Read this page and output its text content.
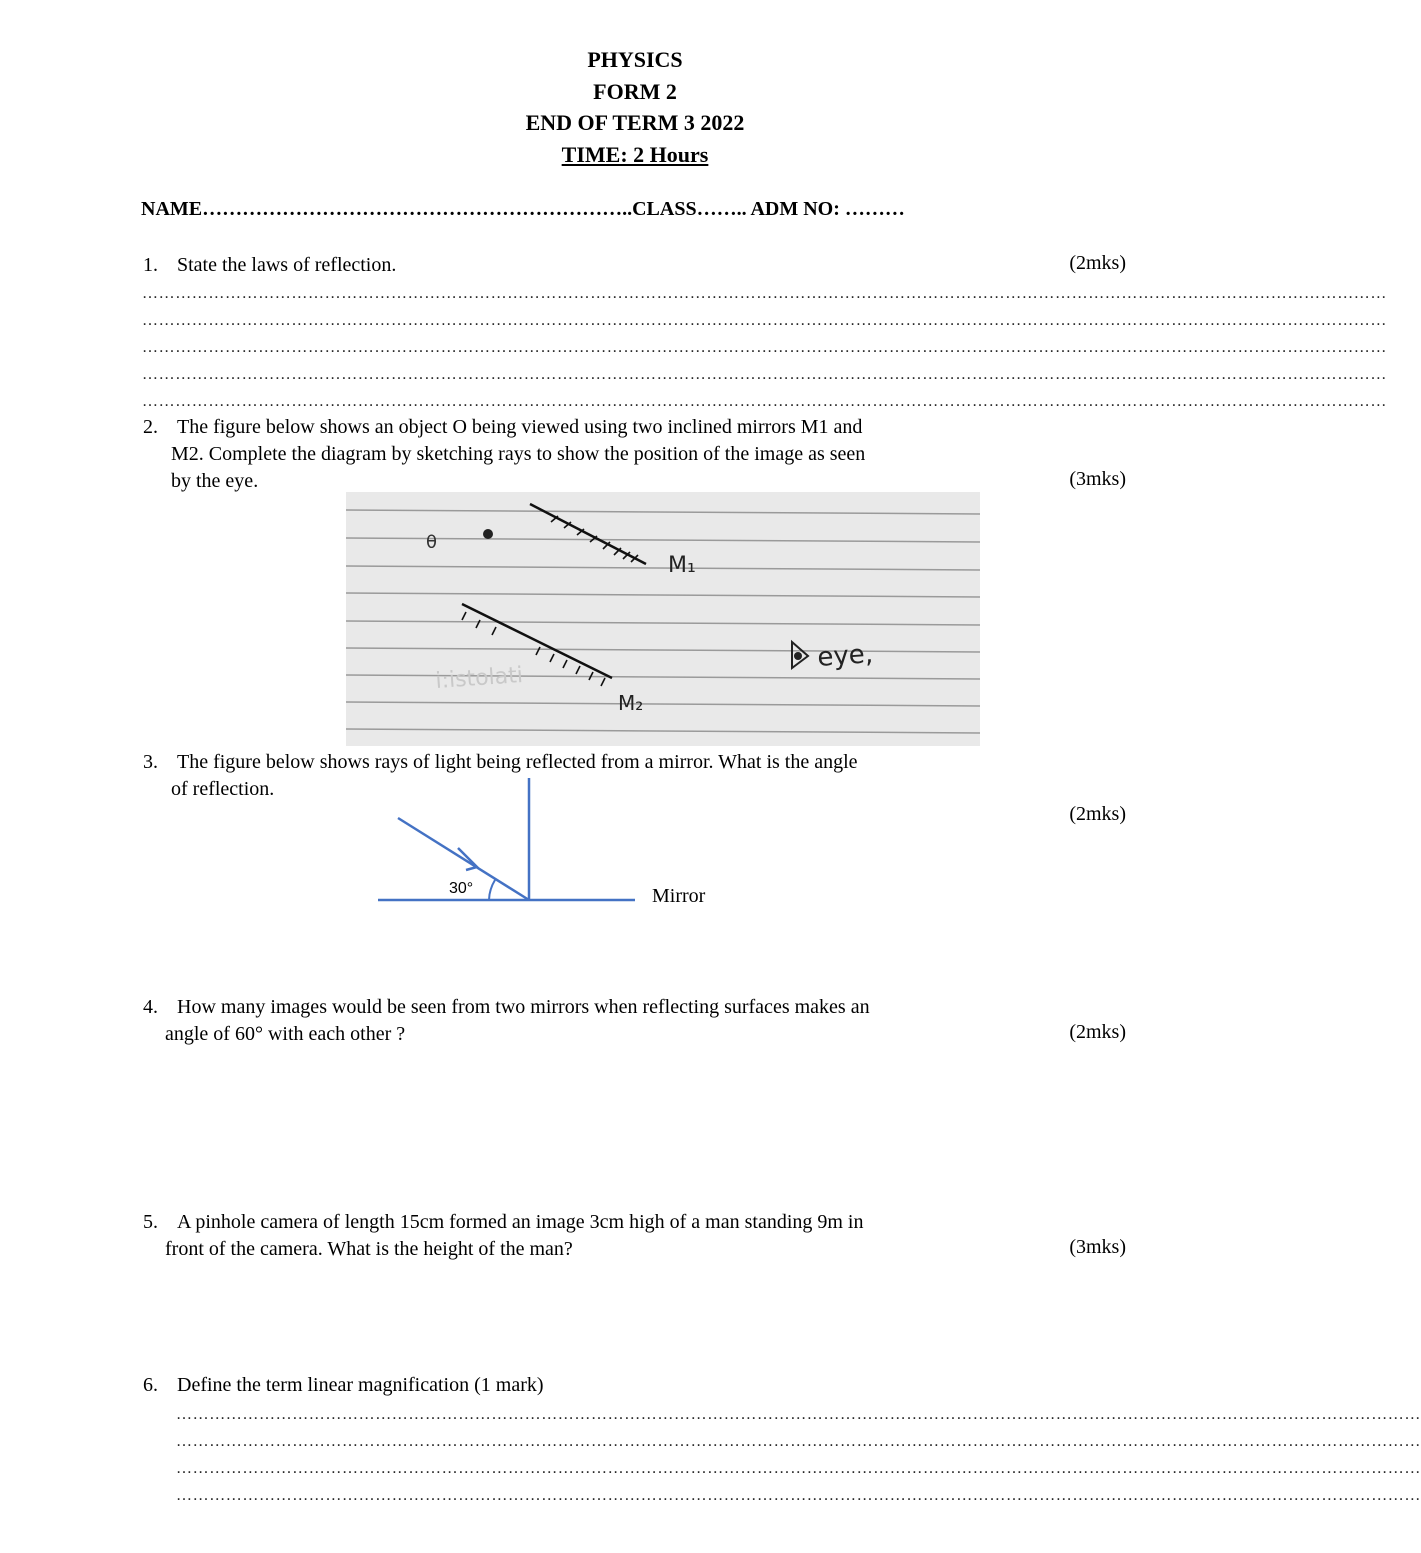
PHYSICS
FORM 2
END OF TERM 3 2022
TIME: 2 Hours
NAME………………………………………………………..CLASS…….. ADM NO: ………
1. State the laws of reflection.	(2mks)
………………………………………………………………………………………………………………………………………………………………………………………………………
………………………………………………………………………………………………………………………………………………………………………………………………………
………………………………………………………………………………………………………………………………………………………………………………………………………
………………………………………………………………………………………………………………………………………………………………………………………………………
………………………………………………………………………………………………………………………………………………………………………………………………………
2. The figure below shows an object O being viewed using two inclined mirrors M1 and
M2. Complete the diagram by sketching rays to show the position of the image as seen
by the eye.	(3mks)
i:istolati
θ
M₁
M₂
eye,
3. The figure below shows rays of light being reflected from a mirror. What is the angle
of reflection.
(2mks)
30°	Mirror
4. How many images would be seen from two mirrors when reflecting surfaces makes an
angle of 60° with each other ?	(2mks)
5. A pinhole camera of length 15cm formed an image 3cm high of a man standing 9m in
front of the camera. What is the height of the man?	(3mks)
6. Define the term linear magnification (1 mark)
………………………………………………………………………………………………………………………………………………………………………………………………………
………………………………………………………………………………………………………………………………………………………………………………………………………
………………………………………………………………………………………………………………………………………………………………………………………………………
………………………………………………………………………………………………………………………………………………………………………………………………………
